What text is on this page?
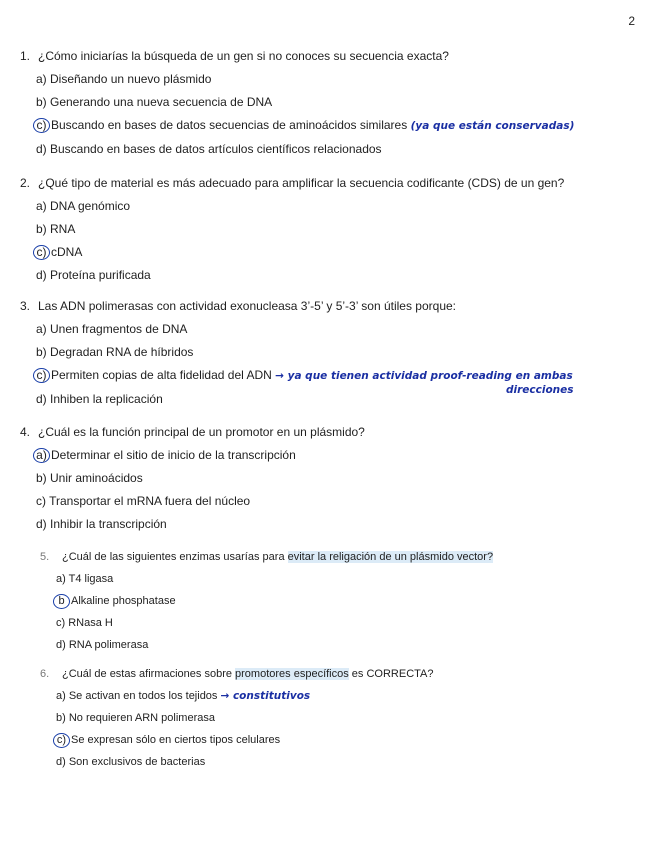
2
1. ¿Cómo iniciarías la búsqueda de un gen si no conoces su secuencia exacta?
a) Diseñando un nuevo plásmido
b) Generando una nueva secuencia de DNA
c) Buscando en bases de datos secuencias de aminoácidos similares (ya que están conservadas)
d) Buscando en bases de datos artículos científicos relacionados
2. ¿Qué tipo de material es más adecuado para amplificar la secuencia codificante (CDS) de un gen?
a) DNA genómico
b) RNA
c) cDNA
d) Proteína purificada
3. Las ADN polimerasas con actividad exonucleasa 3’-5’ y 5’-3’ son útiles porque:
a) Unen fragmentos de DNA
b) Degradan RNA de híbridos
c) Permiten copias de alta fidelidad del ADN → ya que tienen actividad proof-reading en ambas
direcciones
d) Inhiben la replicación
4. ¿Cuál es la función principal de un promotor en un plásmido?
a) Determinar el sitio de inicio de la transcripción
b) Unir aminoácidos
c) Transportar el mRNA fuera del núcleo
d) Inhibir la transcripción
5. ¿Cuál de las siguientes enzimas usarías para evitar la religación de un plásmido vector?
a) T4 ligasa
b Alkaline phosphatase
c) RNasa H
d) RNA polimerasa
6. ¿Cuál de estas afirmaciones sobre promotores específicos es CORRECTA?
a) Se activan en todos los tejidos → constitutivos
b) No requieren ARN polimerasa
c) Se expresan sólo en ciertos tipos celulares
d) Son exclusivos de bacterias
